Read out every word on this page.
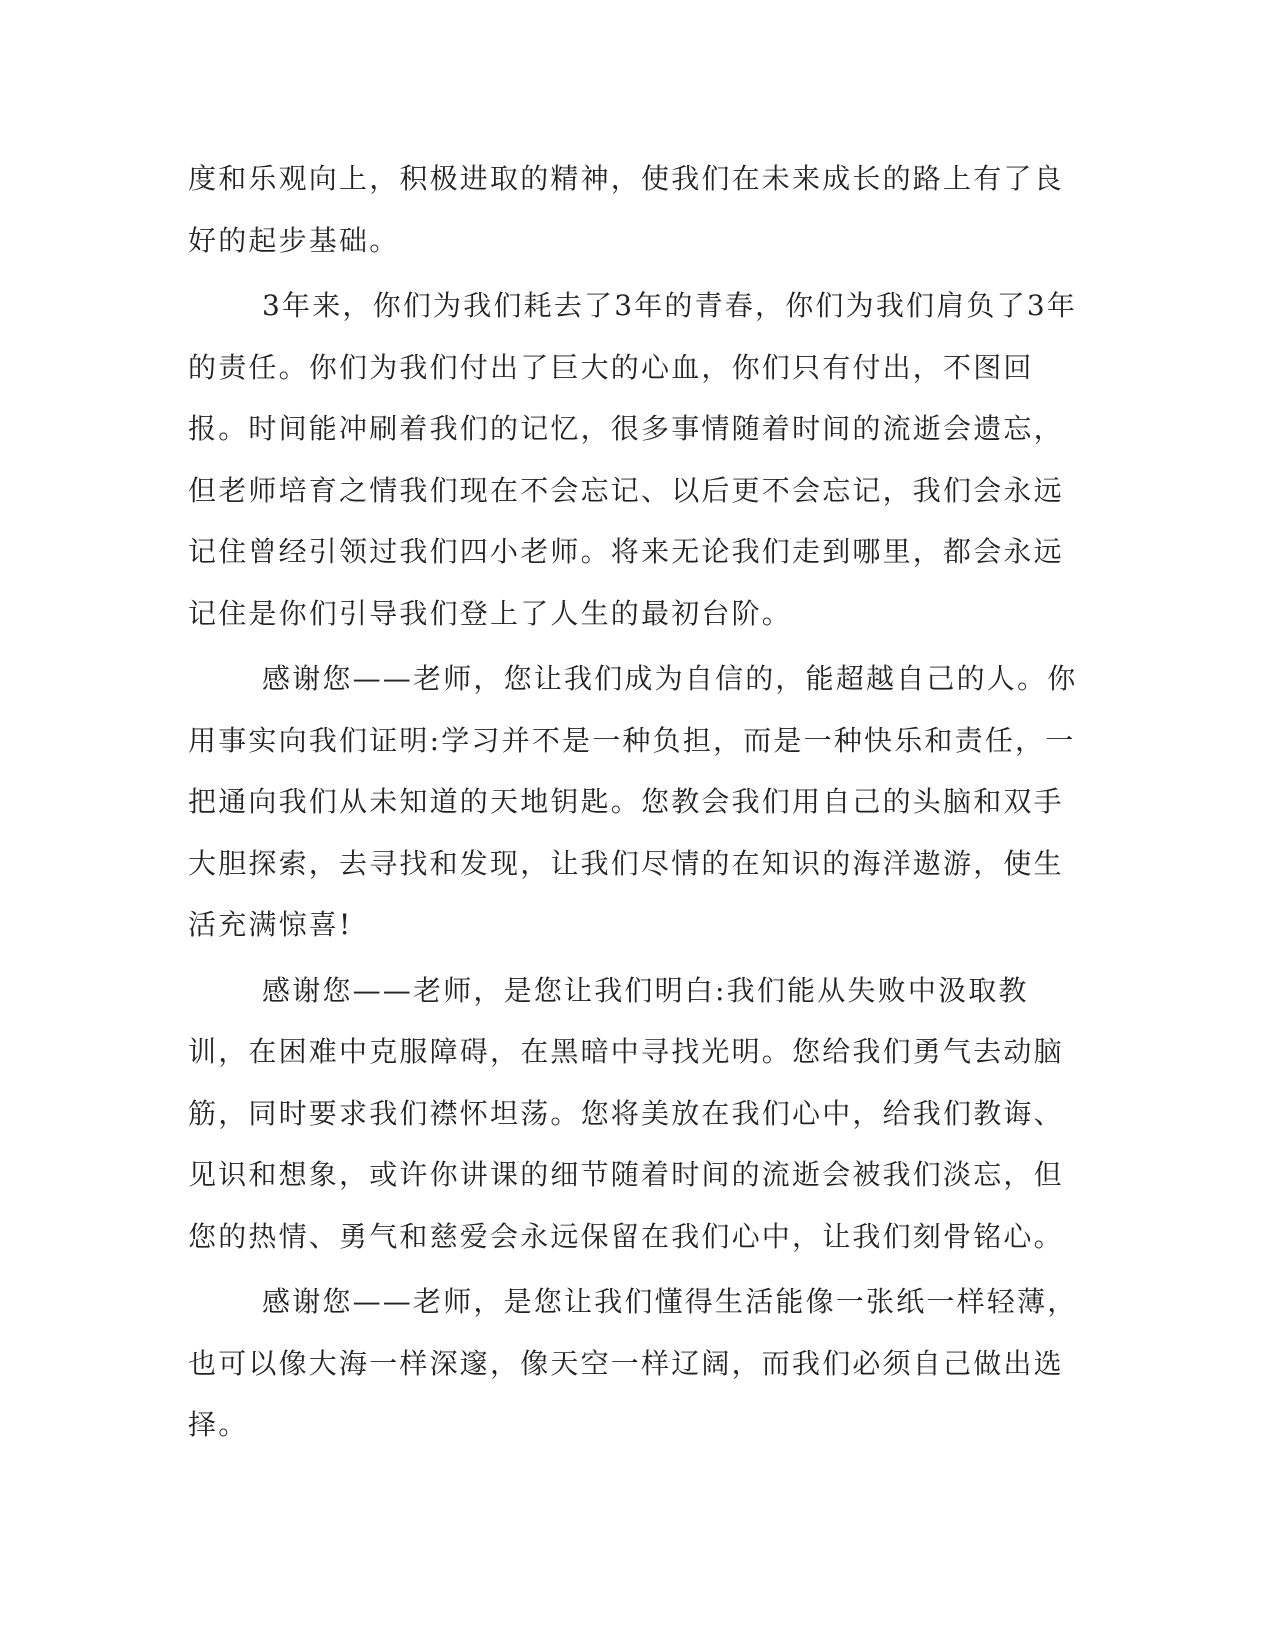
度和乐观向上，积极进取的精神，使我们在未来成长的路上有了良好的起步基础。

3年来，你们为我们耗去了3年的青春，你们为我们肩负了3年的责任。你们为我们付出了巨大的心血，你们只有付出，不图回报。时间能冲刷着我们的记忆，很多事情随着时间的流逝会遗忘，但老师培育之情我们现在不会忘记、以后更不会忘记，我们会永远记住曾经引领过我们四小老师。将来无论我们走到哪里，都会永远记住是你们引导我们登上了人生的最初台阶。

感谢您——老师，您让我们成为自信的，能超越自己的人。你用事实向我们证明:学习并不是一种负担，而是一种快乐和责任，一把通向我们从未知道的天地钥匙。您教会我们用自己的头脑和双手大胆探索，去寻找和发现，让我们尽情的在知识的海洋遨游，使生活充满惊喜!

感谢您——老师，是您让我们明白:我们能从失败中汲取教训，在困难中克服障碍，在黑暗中寻找光明。您给我们勇气去动脑筋，同时要求我们襟怀坦荡。您将美放在我们心中，给我们教诲、见识和想象，或许你讲课的细节随着时间的流逝会被我们淡忘，但您的热情、勇气和慈爱会永远保留在我们心中，让我们刻骨铭心。

感谢您——老师，是您让我们懂得生活能像一张纸一样轻薄，也可以像大海一样深邃，像天空一样辽阔，而我们必须自己做出选择。
